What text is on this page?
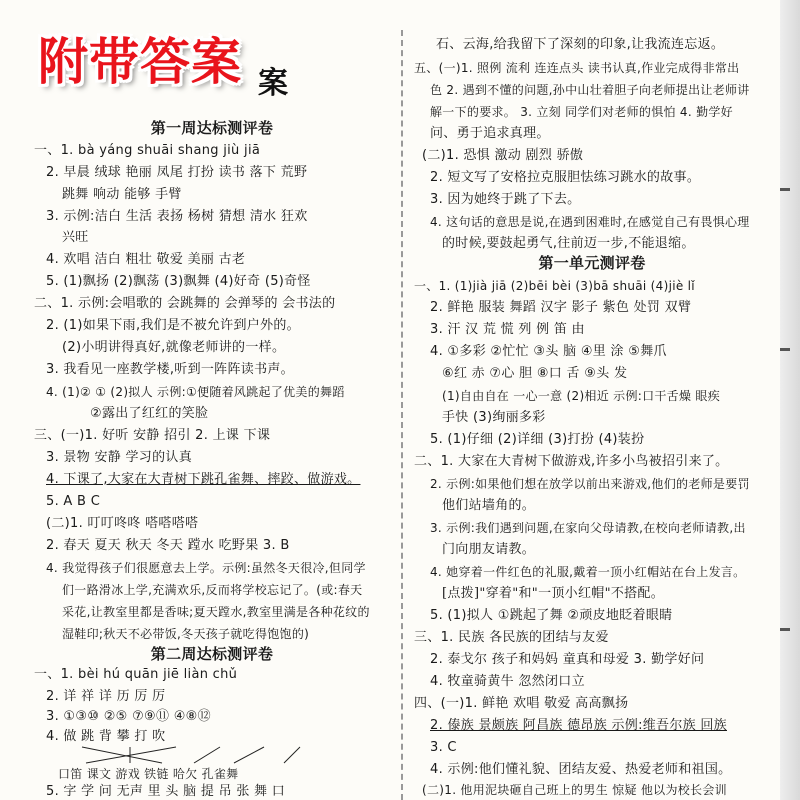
附带答案 案
第一周达标测评卷
一、1. bà yáng shuāi shang jiù jiā
2. 早晨 绒球 艳丽 凤尾 打扮 读书 落下 荒野
跳舞 响动 能够 手臂
3. 示例:洁白 生活 表扬 杨树 猜想 清水 狂欢
兴旺
4. 欢唱 洁白 粗壮 敬爱 美丽 古老
5. (1)飘扬 (2)飘荡 (3)飘舞 (4)好奇 (5)奇怪
二、1. 示例:会唱歌的 会跳舞的 会弹琴的 会书法的
2. (1)如果下雨,我们是不被允许到户外的。
(2)小明讲得真好,就像老师讲的一样。
3. 我看见一座教学楼,听到一阵阵读书声。
4. (1)② ① (2)拟人 示例:①便随着风跳起了优美的舞蹈
②露出了红红的笑脸
三、(一)1. 好听 安静 招引 2. 上课 下课
3. 景物 安静 学习的认真
4. 下课了,大家在大青树下跳孔雀舞、摔跤、做游戏。
5. A B C
(二)1. 叮叮咚咚 嗒嗒嗒嗒
2. 春天 夏天 秋天 冬天 蹚水 吃野果 3. B
4. 我觉得孩子们很愿意去上学。示例:虽然冬天很冷,但同学
们一路滑冰上学,充满欢乐,反而将学校忘记了。(或:春天
采花,让教室里都是香味;夏天蹚水,教室里满是各种花纹的
湿鞋印;秋天不必带饭,冬天孩子就吃得饱饱的)
第二周达标测评卷
一、1. bèi hú quān jiē liàn chǔ
2. 详 祥 详 历 厉 厉
3. ①③⑩ ②⑤ ⑦⑨⑪ ④⑧⑫
4. 做 跳 背 攀 打 吹
口笛 课文 游戏 铁链 哈欠 孔雀舞
5. 字 学 问 无声 里 头 脑 提 吊 张 舞 口
石、云海,给我留下了深刻的印象,让我流连忘返。
五、(一)1. 照例 流利 连连点头 读书认真,作业完成得非常出
色 2. 遇到不懂的问题,孙中山壮着胆子向老师提出让老师讲
解一下的要求。 3. 立刻 同学们对老师的惧怕 4. 勤学好
问、勇于追求真理。
(二)1. 恐惧 激动 剧烈 骄傲
2. 短文写了安格拉克服胆怯练习跳水的故事。
3. 因为她终于跳了下去。
4. 这句话的意思是说,在遇到困难时,在感觉自己有畏惧心理
的时候,要鼓起勇气,往前迈一步,不能退缩。
第一单元测评卷
一、1. (1)jià jiā (2)bēi bèi (3)bā shuāi (4)jiè lǐ
2. 鲜艳 服装 舞蹈 汉字 影子 紫色 处罚 双臂
3. 汗 汉 荒 慌 列 例 笛 由
4. ①多彩 ②忙忙 ③头 脑 ④里 涂 ⑤舞爪
⑥红 赤 ⑦心 胆 ⑧口 舌 ⑨头 发
(1)自由自在 一心一意 (2)相近 示例:口干舌燥 眼疾
手快 (3)绚丽多彩
5. (1)仔细 (2)详细 (3)打扮 (4)装扮
二、1. 大家在大青树下做游戏,许多小鸟被招引来了。
2. 示例:如果他们想在放学以前出来游戏,他们的老师是要罚
他们站墙角的。
3. 示例:我们遇到问题,在家向父母请教,在校向老师请教,出
门向朋友请教。
4. 她穿着一件红色的礼服,戴着一顶小红帽站在台上发言。
[点拨]"穿着"和"一顶小红帽"不搭配。
5. (1)拟人 ①跳起了舞 ②顽皮地眨着眼睛
三、1. 民族 各民族的团结与友爱
2. 泰戈尔 孩子和妈妈 童真和母爱 3. 勤学好问
4. 牧童骑黄牛 忽然闭口立
四、(一)1. 鲜艳 欢唱 敬爱 高高飘扬
2. 傣族 景颇族 阿昌族 德昂族 示例:维吾尔族 回族
3. C
4. 示例:他们懂礼貌、团结友爱、热爱老师和祖国。
(二)1. 他用泥块砸自己班上的男生 惊疑 他以为校长会训
